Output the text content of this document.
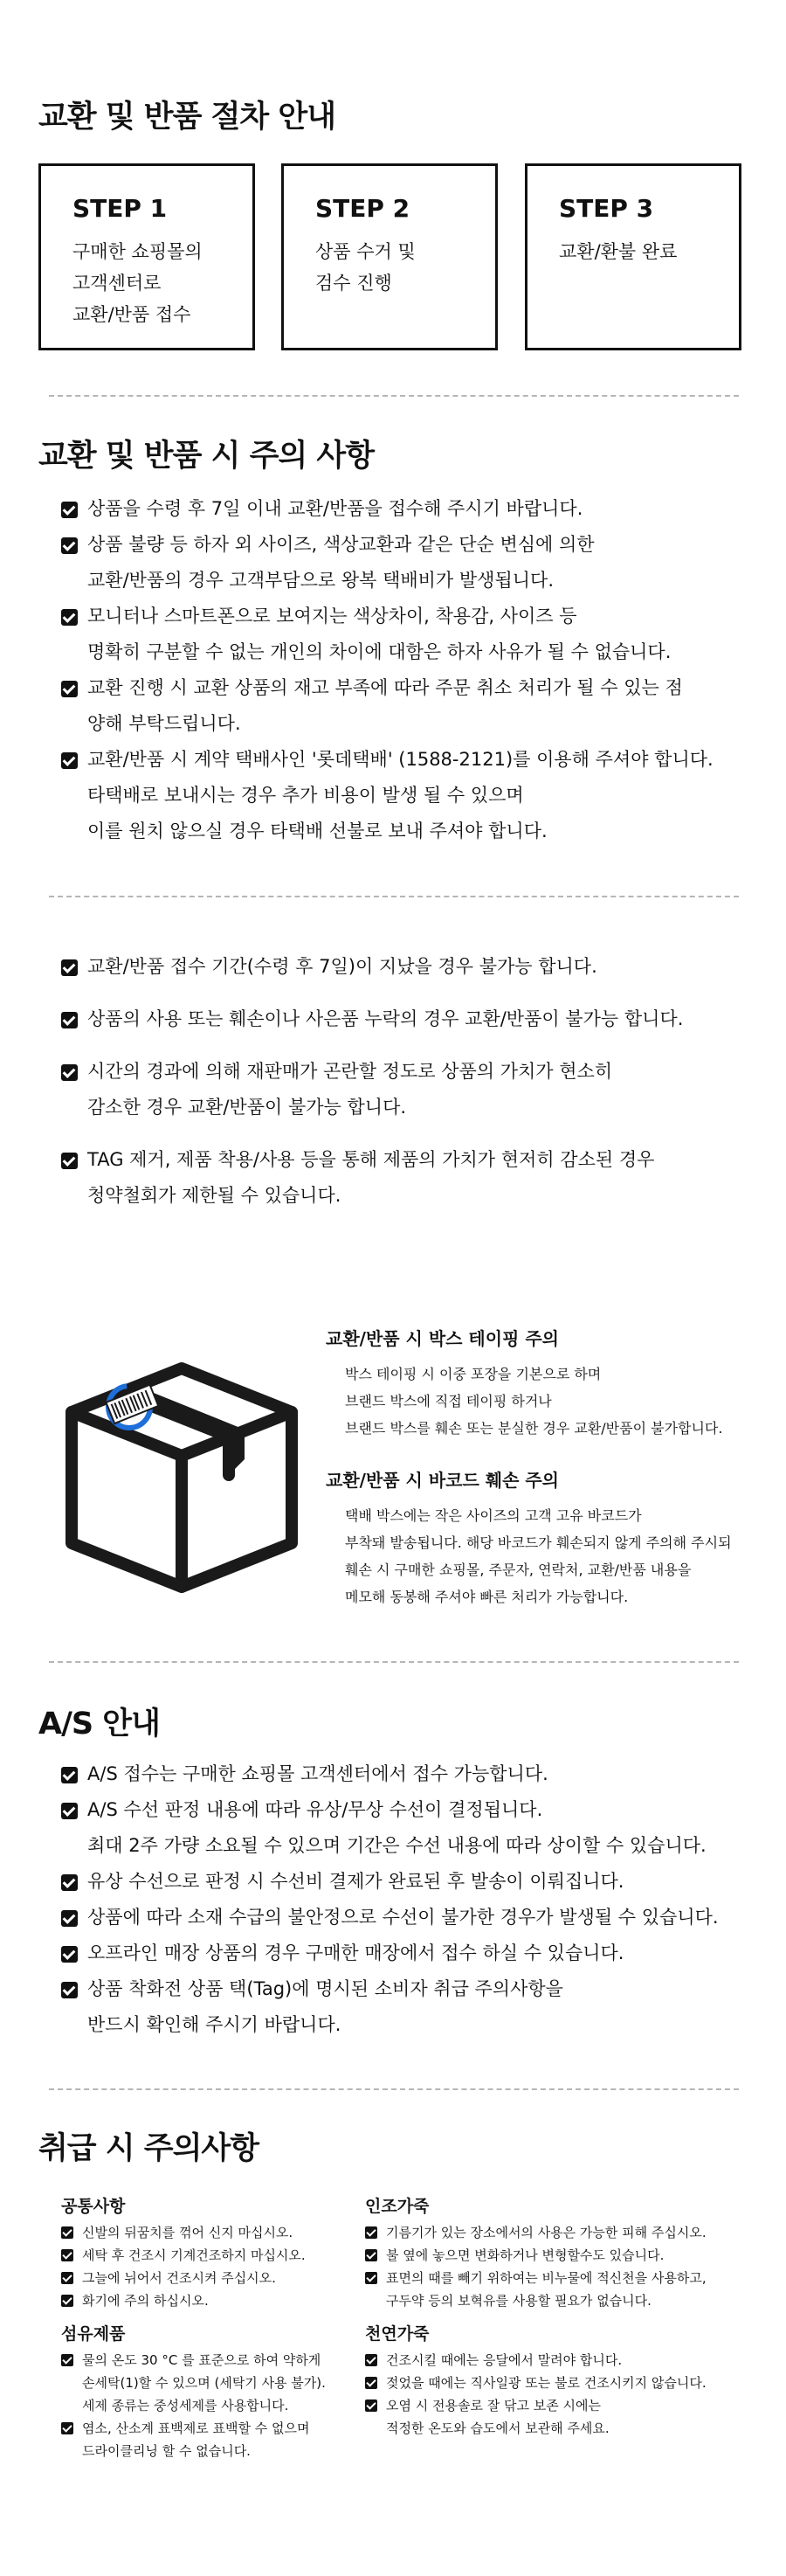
교환 및 반품 절차 안내
STEP 1
구매한 쇼핑몰의
고객센터로
교환/반품 접수
STEP 2
상품 수거 및
검수 진행
STEP 3
교환/환불 완료
교환 및 반품 시 주의 사항
상품을 수령 후 7일 이내 교환/반품을 접수해 주시기 바랍니다.
상품 불량 등 하자 외 사이즈, 색상교환과 같은 단순 변심에 의한
교환/반품의 경우 고객부담으로 왕복 택배비가 발생됩니다.
모니터나 스마트폰으로 보여지는 색상차이, 착용감, 사이즈 등
명확히 구분할 수 없는 개인의 차이에 대함은 하자 사유가 될 수 없습니다.
교환 진행 시 교환 상품의 재고 부족에 따라 주문 취소 처리가 될 수 있는 점
양해 부탁드립니다.
교환/반품 시 계약 택배사인 '롯데택배' (1588-2121)를 이용해 주셔야 합니다.
타택배로 보내시는 경우 추가 비용이 발생 될 수 있으며
이를 원치 않으실 경우 타택배 선불로 보내 주셔야 합니다.
교환/반품 접수 기간(수령 후 7일)이 지났을 경우 불가능 합니다.
상품의 사용 또는 훼손이나 사은품 누락의 경우 교환/반품이 불가능 합니다.
시간의 경과에 의해 재판매가 곤란할 정도로 상품의 가치가 현소히
감소한 경우 교환/반품이 불가능 합니다.
TAG 제거, 제품 착용/사용 등을 통해 제품의 가치가 현저히 감소된 경우
청약철회가 제한될 수 있습니다.
교환/반품 시 박스 테이핑 주의
박스 테이핑 시 이중 포장을 기본으로 하며
브랜드 박스에 직접 테이핑 하거나
브랜드 박스를 훼손 또는 분실한 경우 교환/반품이 불가합니다.
교환/반품 시 바코드 훼손 주의
택배 박스에는 작은 사이즈의 고객 고유 바코드가
부착돼 발송됩니다. 해당 바코드가 훼손되지 않게 주의해 주시되
훼손 시 구매한 쇼핑몰, 주문자, 연락처, 교환/반품 내용을
메모해 동봉해 주셔야 빠른 처리가 가능합니다.
A/S 안내
A/S 접수는 구매한 쇼핑몰 고객센터에서 접수 가능합니다.
A/S 수선 판정 내용에 따라 유상/무상 수선이 결정됩니다.
최대 2주 가량 소요될 수 있으며 기간은 수선 내용에 따라 상이할 수 있습니다.
유상 수선으로 판정 시 수선비 결제가 완료된 후 발송이 이뤄집니다.
상품에 따라 소재 수급의 불안정으로 수선이 불가한 경우가 발생될 수 있습니다.
오프라인 매장 상품의 경우 구매한 매장에서 접수 하실 수 있습니다.
상품 착화전 상품 택(Tag)에 명시된 소비자 취급 주의사항을
반드시 확인해 주시기 바랍니다.
취급 시 주의사항
공통사항
신발의 뒤꿈치를 꺾어 신지 마십시오.
세탁 후 건조시 기계건조하지 마십시오.
그늘에 뉘어서 건조시켜 주십시오.
화기에 주의 하십시오.
섬유제품
물의 온도 30 °C 를 표준으로 하여 약하게
손세탁(1)할 수 있으며 (세탁기 사용 불가).
세제 종류는 중성세제를 사용합니다.
염소, 산소계 표백제로 표백할 수 없으며
드라이클리닝 할 수 없습니다.
인조가죽
기름기가 있는 장소에서의 사용은 가능한 피해 주십시오.
불 옆에 놓으면 변화하거나 변형할수도 있습니다.
표면의 때를 빼기 위하여는 비누물에 적신천을 사용하고,
구두약 등의 보혁유를 사용할 필요가 없습니다.
천연가죽
건조시킬 때에는 응달에서 말려야 합니다.
젖었을 때에는 직사일광 또는 불로 건조시키지 않습니다.
오염 시 전용솔로 잘 닦고 보존 시에는
적정한 온도와 습도에서 보관해 주세요.
